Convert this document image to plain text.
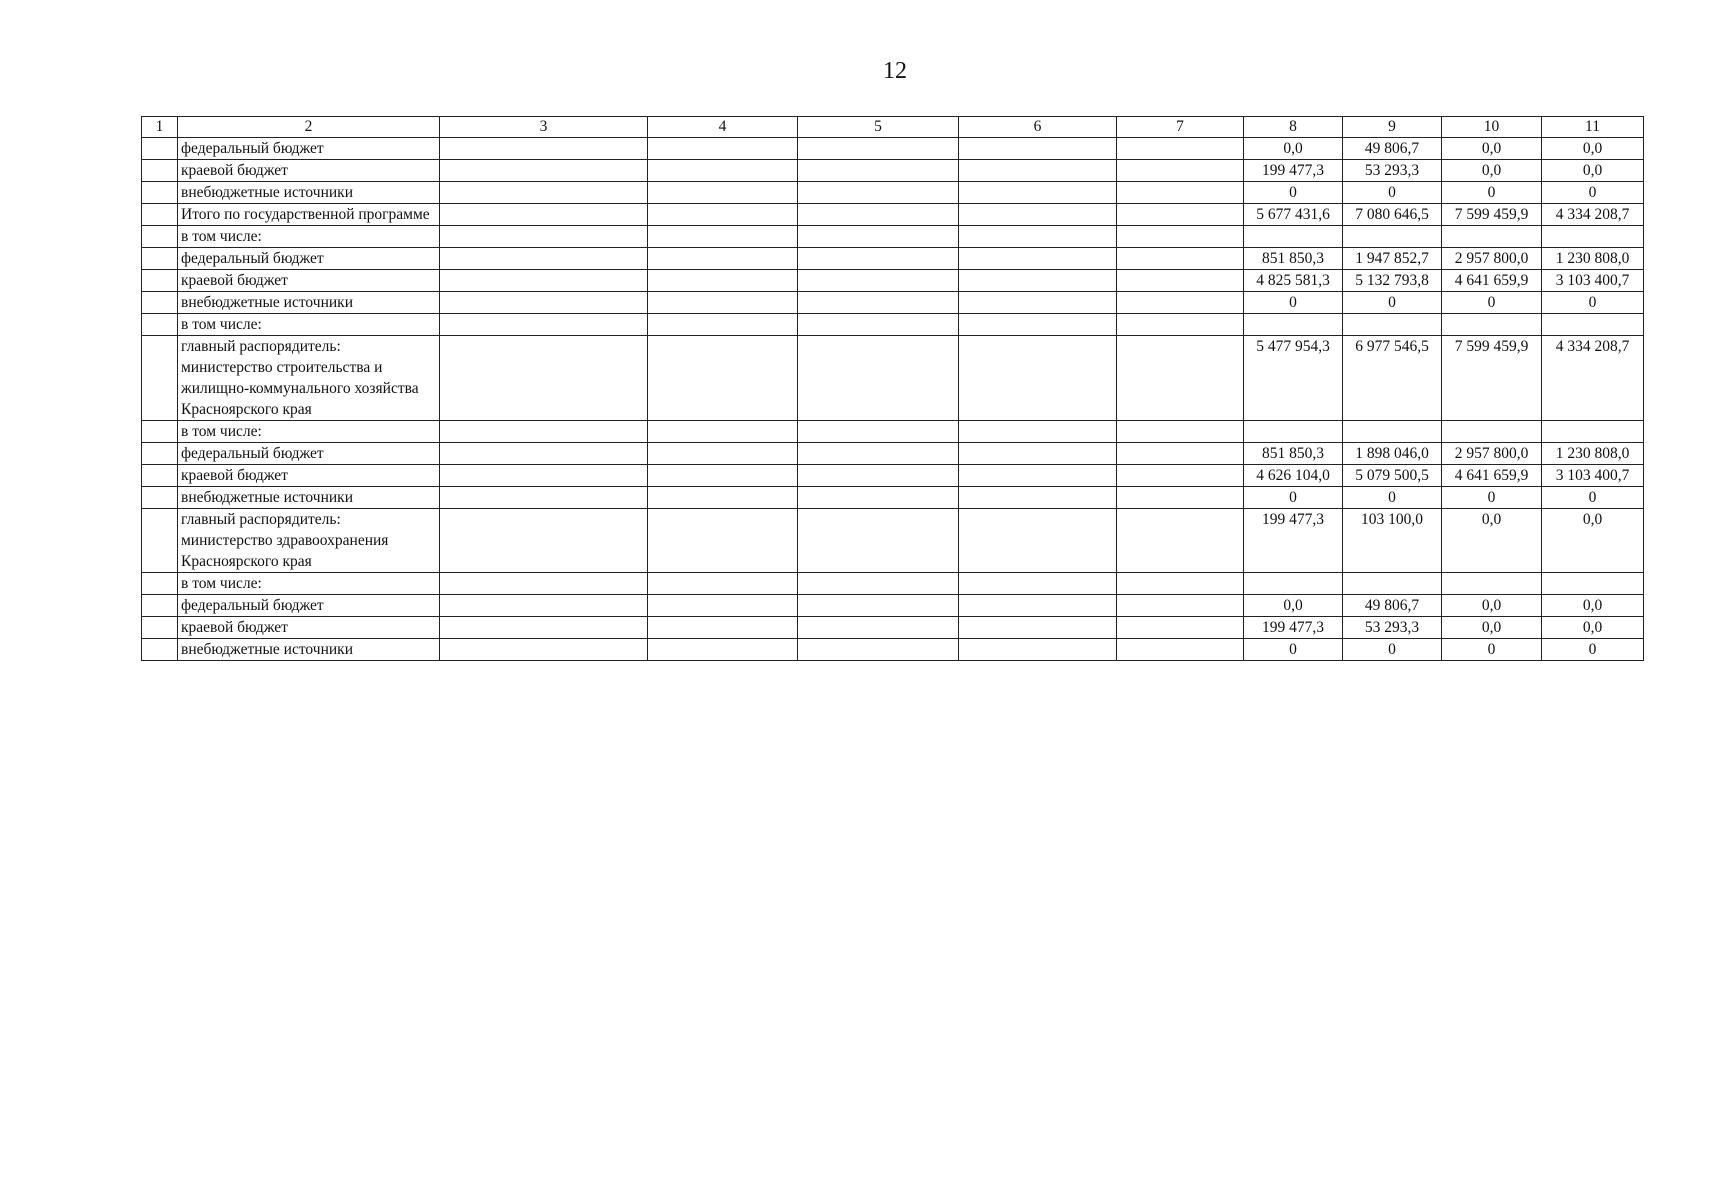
12
1	2	3	4	5	6	7	8	9	10	11
	федеральный бюджет						0,0	49 806,7	0,0	0,0
	краевой бюджет						199 477,3	53 293,3	0,0	0,0
	внебюджетные источники						0	0	0	0
	Итого по государственной программе						5 677 431,6	7 080 646,5	7 599 459,9	4 334 208,7
	в том числе:									
	федеральный бюджет						851 850,3	1 947 852,7	2 957 800,0	1 230 808,0
	краевой бюджет						4 825 581,3	5 132 793,8	4 641 659,9	3 103 400,7
	внебюджетные источники						0	0	0	0
	в том числе:									
	главный распорядитель: министерство строительства и жилищно-коммунального хозяйства Красноярского края						5 477 954,3	6 977 546,5	7 599 459,9	4 334 208,7
	в том числе:									
	федеральный бюджет						851 850,3	1 898 046,0	2 957 800,0	1 230 808,0
	краевой бюджет						4 626 104,0	5 079 500,5	4 641 659,9	3 103 400,7
	внебюджетные источники						0	0	0	0
	главный распорядитель: министерство здравоохранения Красноярского края						199 477,3	103 100,0	0,0	0,0
	в том числе:									
	федеральный бюджет						0,0	49 806,7	0,0	0,0
	краевой бюджет						199 477,3	53 293,3	0,0	0,0
	внебюджетные источники						0	0	0	0
